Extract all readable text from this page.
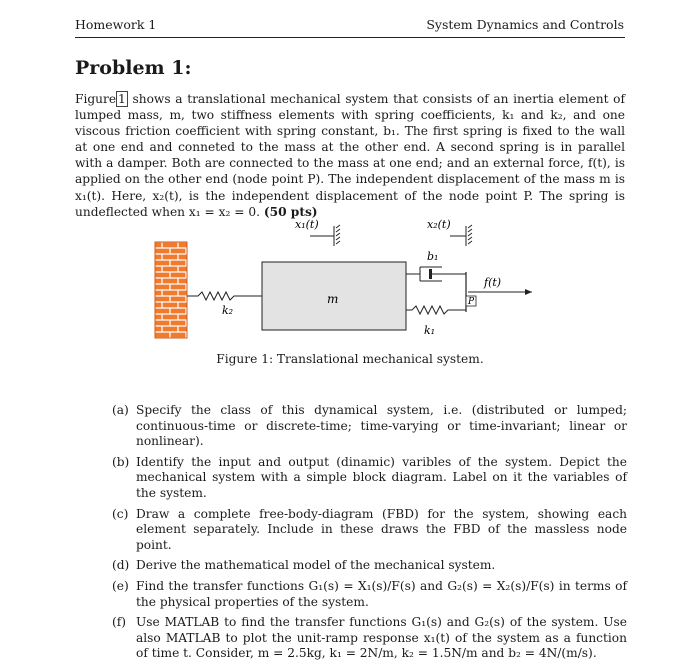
Homework 1	System Dynamics and Controls
Problem 1:
Figure 1 shows a translational mechanical system that consists of an inertia element of lumped mass, m, two stiffness elements with spring coefficients, k₁ and k₂, and one viscous friction coefficient with spring constant, b₁. The first spring is fixed to the wall at one end and conneted to the mass at the other end. A second spring is in parallel with a damper. Both are connected to the mass at one end; and an external force, f(t), is applied on the other end (node point P). The independent displacement of the mass m is x₁(t). Here, x₂(t), is the independent displacement of the node point P. The spring is undeflected when x₁ = x₂ = 0. (50 pts)
k₂
m
x₁(t)
b₁
k₁
P
f(t)
x₂(t)
Figure 1: Translational mechanical system.
(a) Specify the class of this dynamical system, i.e. (distributed or lumped; continuous-time or discrete-time; time-varying or time-invariant; linear or nonlinear).
(b) Identify the input and output (dinamic) varibles of the system. Depict the mechanical system with a simple block diagram. Label on it the variables of the system.
(c) Draw a complete free-body-diagram (FBD) for the system, showing each element separately. Include in these draws the FBD of the massless node point.
(d) Derive the mathematical model of the mechanical system.
(e) Find the transfer functions G₁(s) = X₁(s)/F(s) and G₂(s) = X₂(s)/F(s) in terms of the physical properties of the system.
(f) Use MATLAB to find the transfer functions G₁(s) and G₂(s) of the system. Use also MATLAB to plot the unit-ramp response x₁(t) of the system as a function of time t. Consider, m = 2.5kg, k₁ = 2N/m, k₂ = 1.5N/m and b₂ = 4N/(m/s).
